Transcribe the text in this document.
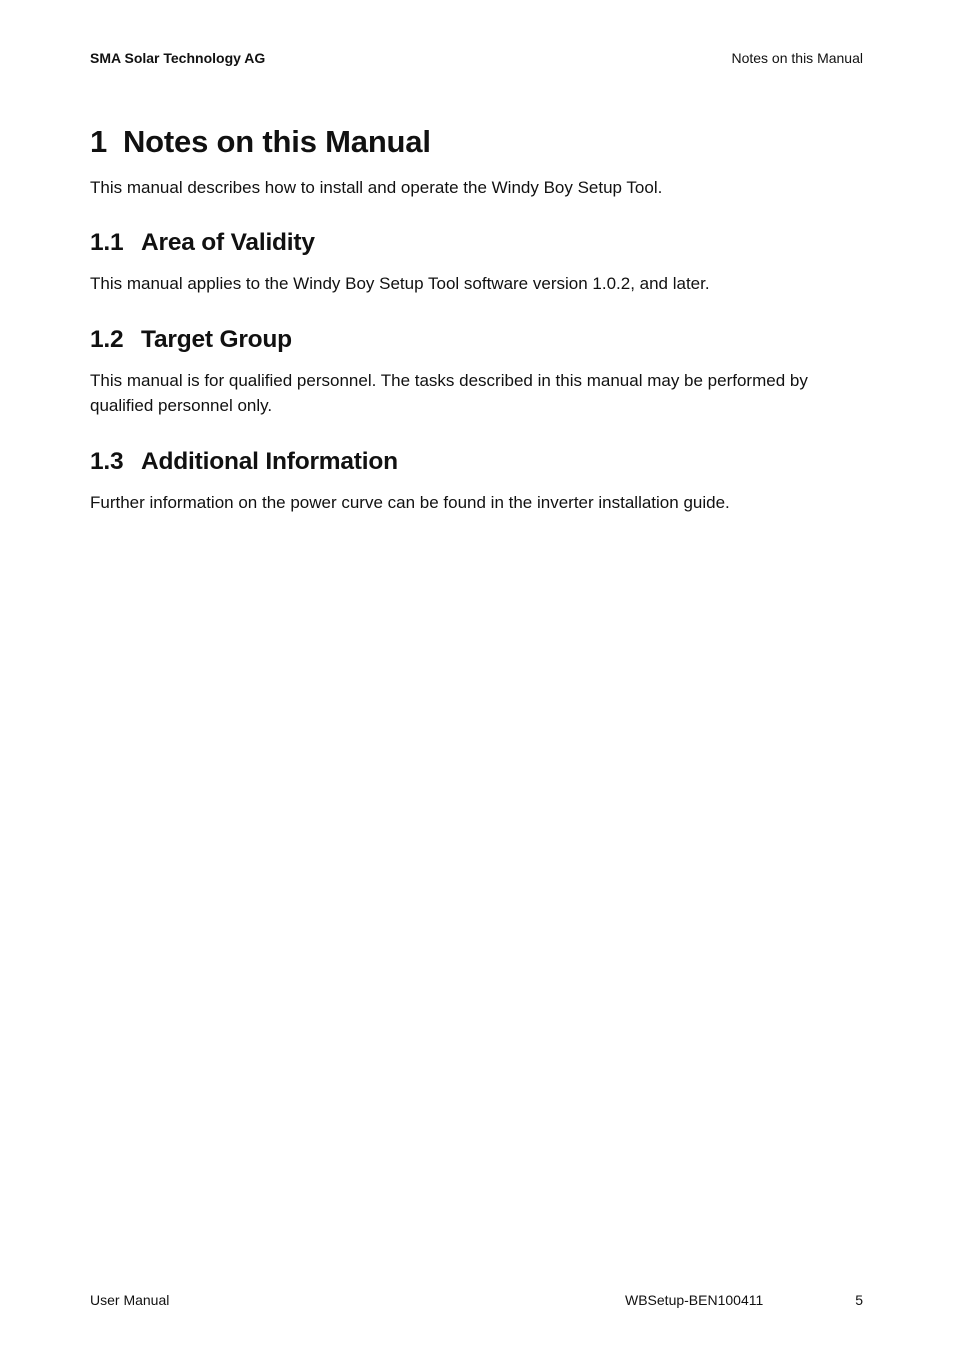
SMA Solar Technology AG	Notes on this Manual
1 Notes on this Manual

This manual describes how to install and operate the Windy Boy Setup Tool.

1.1 Area of Validity

This manual applies to the Windy Boy Setup Tool software version 1.0.2, and later.

1.2 Target Group

This manual is for qualified personnel. The tasks described in this manual may be performed by qualified personnel only.

1.3 Additional Information

Further information on the power curve can be found in the inverter installation guide.

User Manual	WBSetup-BEN100411	5
